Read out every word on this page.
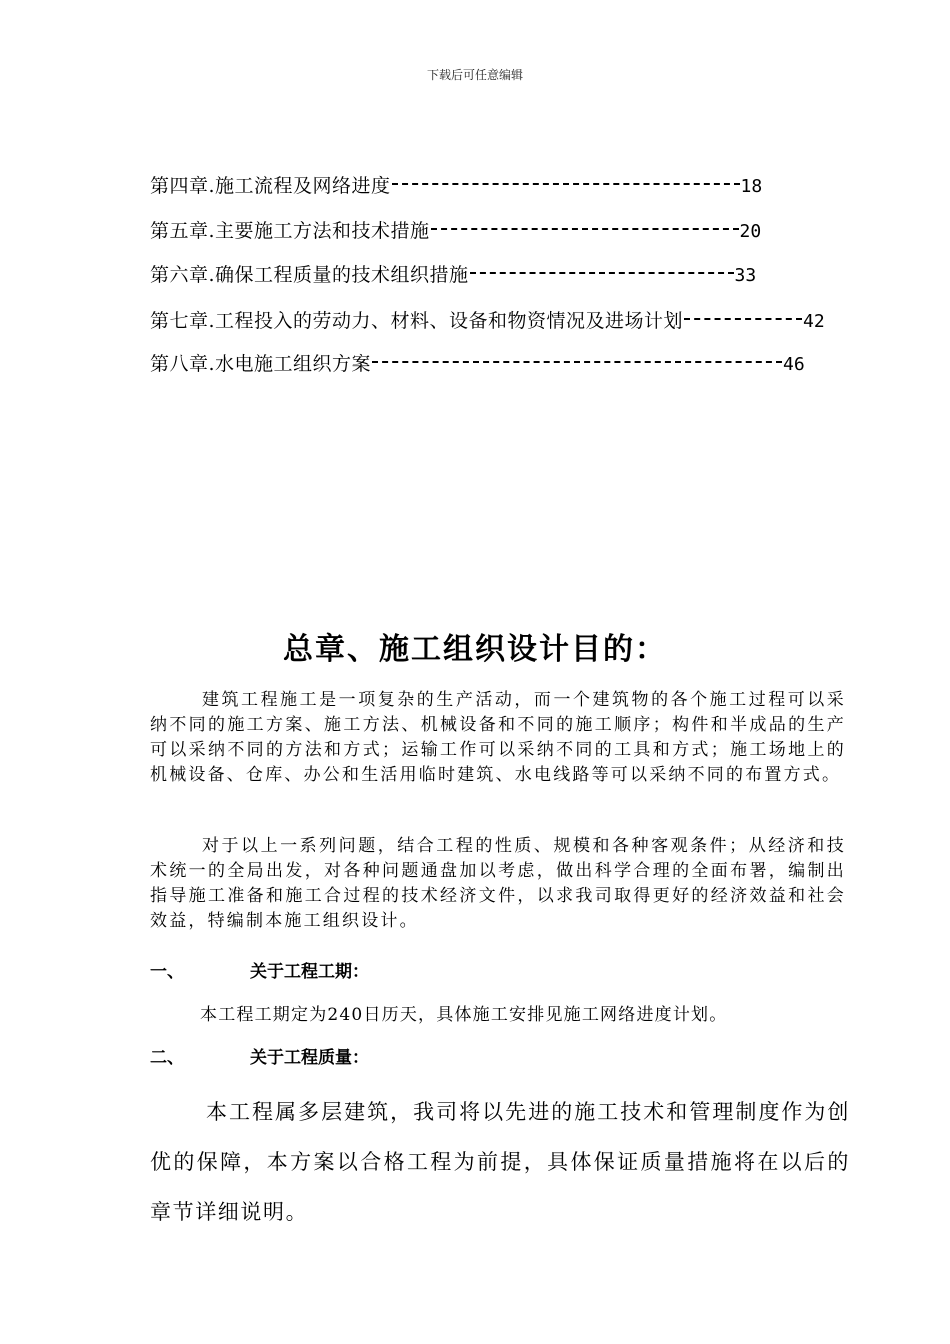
下载后可任意编辑
第四章.施工流程及网络进度	18
第五章.主要施工方法和技术措施	20
第六章.确保工程质量的技术组织措施	33
第七章.工程投入的劳动力、材料、设备和物资情况及进场计划	42
第八章.水电施工组织方案	46
总章、施工组织设计目的：
建筑工程施工是一项复杂的生产活动，而一个建筑物的各个施工过程可以采纳不同的施工方案、施工方法、机械设备和不同的施工顺序；构件和半成品的生产可以采纳不同的方法和方式；运输工作可以采纳不同的工具和方式；施工场地上的机械设备、仓库、办公和生活用临时建筑、水电线路等可以采纳不同的布置方式。
对于以上一系列问题，结合工程的性质、规模和各种客观条件；从经济和技术统一的全局出发，对各种问题通盘加以考虑，做出科学合理的全面布署，编制出指导施工准备和施工合过程的技术经济文件，以求我司取得更好的经济效益和社会效益，特编制本施工组织设计。
一、	关于工程工期：
本工程工期定为240日历天，具体施工安排见施工网络进度计划。
二、	关于工程质量：
本工程属多层建筑，我司将以先进的施工技术和管理制度作为创优的保障，本方案以合格工程为前提，具体保证质量措施将在以后的章节详细说明。
